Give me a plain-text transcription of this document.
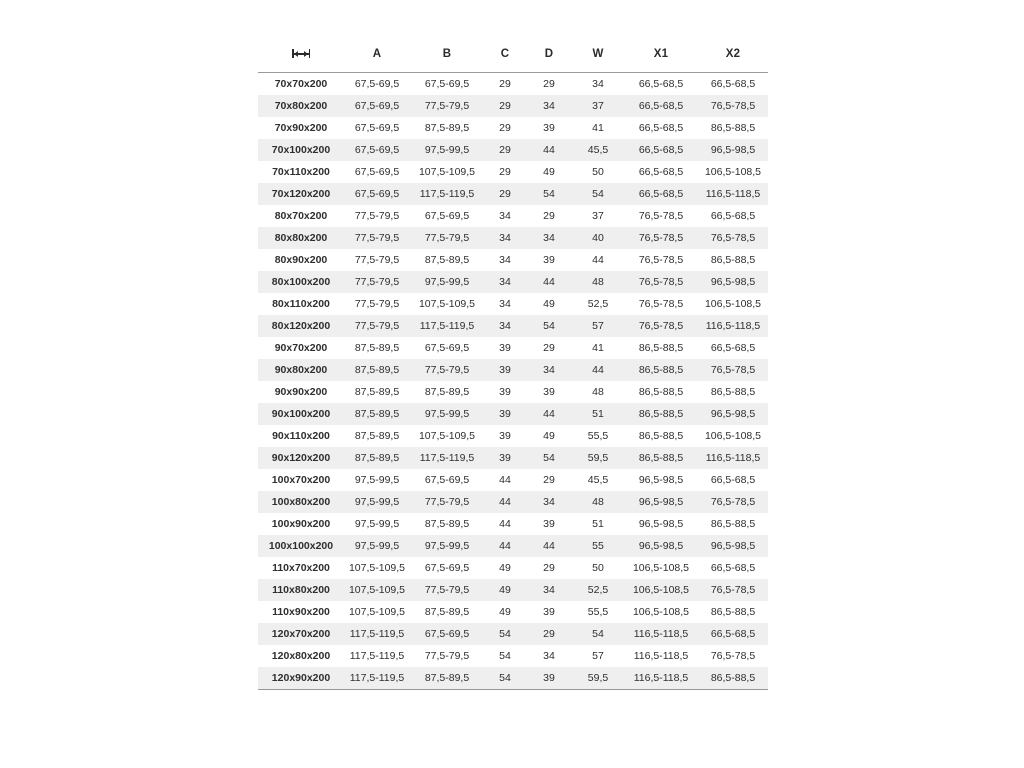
	A	B	C	D	W	X1	X2
70x70x200	67,5-69,5	67,5-69,5	29	29	34	66,5-68,5	66,5-68,5
70x80x200	67,5-69,5	77,5-79,5	29	34	37	66,5-68,5	76,5-78,5
70x90x200	67,5-69,5	87,5-89,5	29	39	41	66,5-68,5	86,5-88,5
70x100x200	67,5-69,5	97,5-99,5	29	44	45,5	66,5-68,5	96,5-98,5
70x110x200	67,5-69,5	107,5-109,5	29	49	50	66,5-68,5	106,5-108,5
70x120x200	67,5-69,5	117,5-119,5	29	54	54	66,5-68,5	116,5-118,5
80x70x200	77,5-79,5	67,5-69,5	34	29	37	76,5-78,5	66,5-68,5
80x80x200	77,5-79,5	77,5-79,5	34	34	40	76,5-78,5	76,5-78,5
80x90x200	77,5-79,5	87,5-89,5	34	39	44	76,5-78,5	86,5-88,5
80x100x200	77,5-79,5	97,5-99,5	34	44	48	76,5-78,5	96,5-98,5
80x110x200	77,5-79,5	107,5-109,5	34	49	52,5	76,5-78,5	106,5-108,5
80x120x200	77,5-79,5	117,5-119,5	34	54	57	76,5-78,5	116,5-118,5
90x70x200	87,5-89,5	67,5-69,5	39	29	41	86,5-88,5	66,5-68,5
90x80x200	87,5-89,5	77,5-79,5	39	34	44	86,5-88,5	76,5-78,5
90x90x200	87,5-89,5	87,5-89,5	39	39	48	86,5-88,5	86,5-88,5
90x100x200	87,5-89,5	97,5-99,5	39	44	51	86,5-88,5	96,5-98,5
90x110x200	87,5-89,5	107,5-109,5	39	49	55,5	86,5-88,5	106,5-108,5
90x120x200	87,5-89,5	117,5-119,5	39	54	59,5	86,5-88,5	116,5-118,5
100x70x200	97,5-99,5	67,5-69,5	44	29	45,5	96,5-98,5	66,5-68,5
100x80x200	97,5-99,5	77,5-79,5	44	34	48	96,5-98,5	76,5-78,5
100x90x200	97,5-99,5	87,5-89,5	44	39	51	96,5-98,5	86,5-88,5
100x100x200	97,5-99,5	97,5-99,5	44	44	55	96,5-98,5	96,5-98,5
110x70x200	107,5-109,5	67,5-69,5	49	29	50	106,5-108,5	66,5-68,5
110x80x200	107,5-109,5	77,5-79,5	49	34	52,5	106,5-108,5	76,5-78,5
110x90x200	107,5-109,5	87,5-89,5	49	39	55,5	106,5-108,5	86,5-88,5
120x70x200	117,5-119,5	67,5-69,5	54	29	54	116,5-118,5	66,5-68,5
120x80x200	117,5-119,5	77,5-79,5	54	34	57	116,5-118,5	76,5-78,5
120x90x200	117,5-119,5	87,5-89,5	54	39	59,5	116,5-118,5	86,5-88,5
